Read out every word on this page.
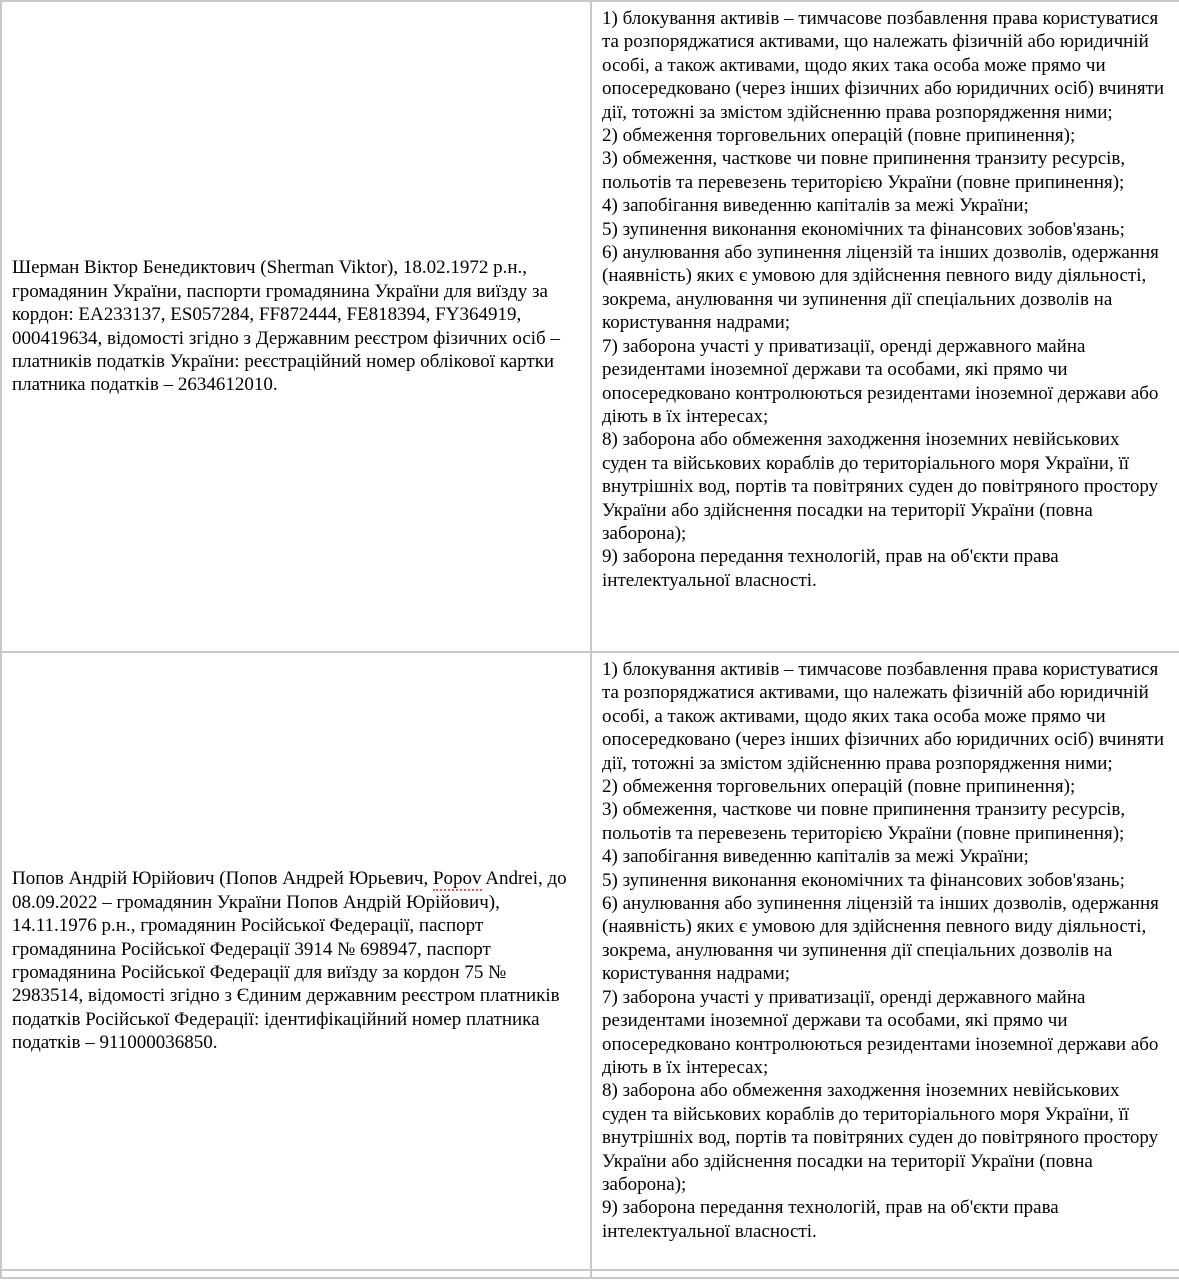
Шерман Віктор Бенедиктович (Sherman Viktor), 18.02.1972 р.н., громадянин України, паспорти громадянина України для виїзду за кордон: EA233137, ES057284, FF872444, FE818394, FY364919, 000419634, відомості згідно з Державним реєстром фізичних осіб – платників податків України: реєстраційний номер облікової картки платника податків – 2634612010.	
1) блокування активів – тимчасове позбавлення права користуватися та розпоряджатися активами, що належать фізичній або юридичній особі, а також активами, щодо яких така особа може прямо чи опосередковано (через інших фізичних або юридичних осіб) вчиняти дії, тотожні за змістом здійсненню права розпорядження ними;
2) обмеження торговельних операцій (повне припинення);
3) обмеження, часткове чи повне припинення транзиту ресурсів, польотів та перевезень територією України (повне припинення);
4) запобігання виведенню капіталів за межі України;
5) зупинення виконання економічних та фінансових зобов'язань;
6) анулювання або зупинення ліцензій та інших дозволів, одержання (наявність) яких є умовою для здійснення певного виду діяльності, зокрема, анулювання чи зупинення дії спеціальних дозволів на користування надрами;
7) заборона участі у приватизації, оренді державного майна резидентами іноземної держави та особами, які прямо чи опосередковано контролюються резидентами іноземної держави або діють в їх інтересах;
8) заборона або обмеження заходження іноземних невійськових суден та військових кораблів до територіального моря України, її внутрішніх вод, портів та повітряних суден до повітряного простору України або здійснення посадки на території України (повна заборона);
9) заборона передання технологій, прав на об'єкти права інтелектуальної власності.

Попов Андрій Юрійович (Попов Андрей Юрьевич, Popov Andrei, до 08.09.2022 – громадянин України Попов Андрій Юрійович), 14.11.1976 р.н., громадянин Російської Федерації, паспорт громадянина Російської Федерації 3914 № 698947, паспорт громадянина Російської Федерації для виїзду за кордон 75 № 2983514, відомості згідно з Єдиним державним реєстром платників податків Російської Федерації: ідентифікаційний номер платника податків – 911000036850.	
1) блокування активів – тимчасове позбавлення права користуватися та розпоряджатися активами, що належать фізичній або юридичній особі, а також активами, щодо яких така особа може прямо чи опосередковано (через інших фізичних або юридичних осіб) вчиняти дії, тотожні за змістом здійсненню права розпорядження ними;
2) обмеження торговельних операцій (повне припинення);
3) обмеження, часткове чи повне припинення транзиту ресурсів, польотів та перевезень територією України (повне припинення);
4) запобігання виведенню капіталів за межі України;
5) зупинення виконання економічних та фінансових зобов'язань;
6) анулювання або зупинення ліцензій та інших дозволів, одержання (наявність) яких є умовою для здійснення певного виду діяльності, зокрема, анулювання чи зупинення дії спеціальних дозволів на користування надрами;
7) заборона участі у приватизації, оренді державного майна резидентами іноземної держави та особами, які прямо чи опосередковано контролюються резидентами іноземної держави або діють в їх інтересах;
8) заборона або обмеження заходження іноземних невійськових суден та військових кораблів до територіального моря України, її внутрішніх вод, портів та повітряних суден до повітряного простору України або здійснення посадки на території України (повна заборона);
9) заборона передання технологій, прав на об'єкти права інтелектуальної власності.
